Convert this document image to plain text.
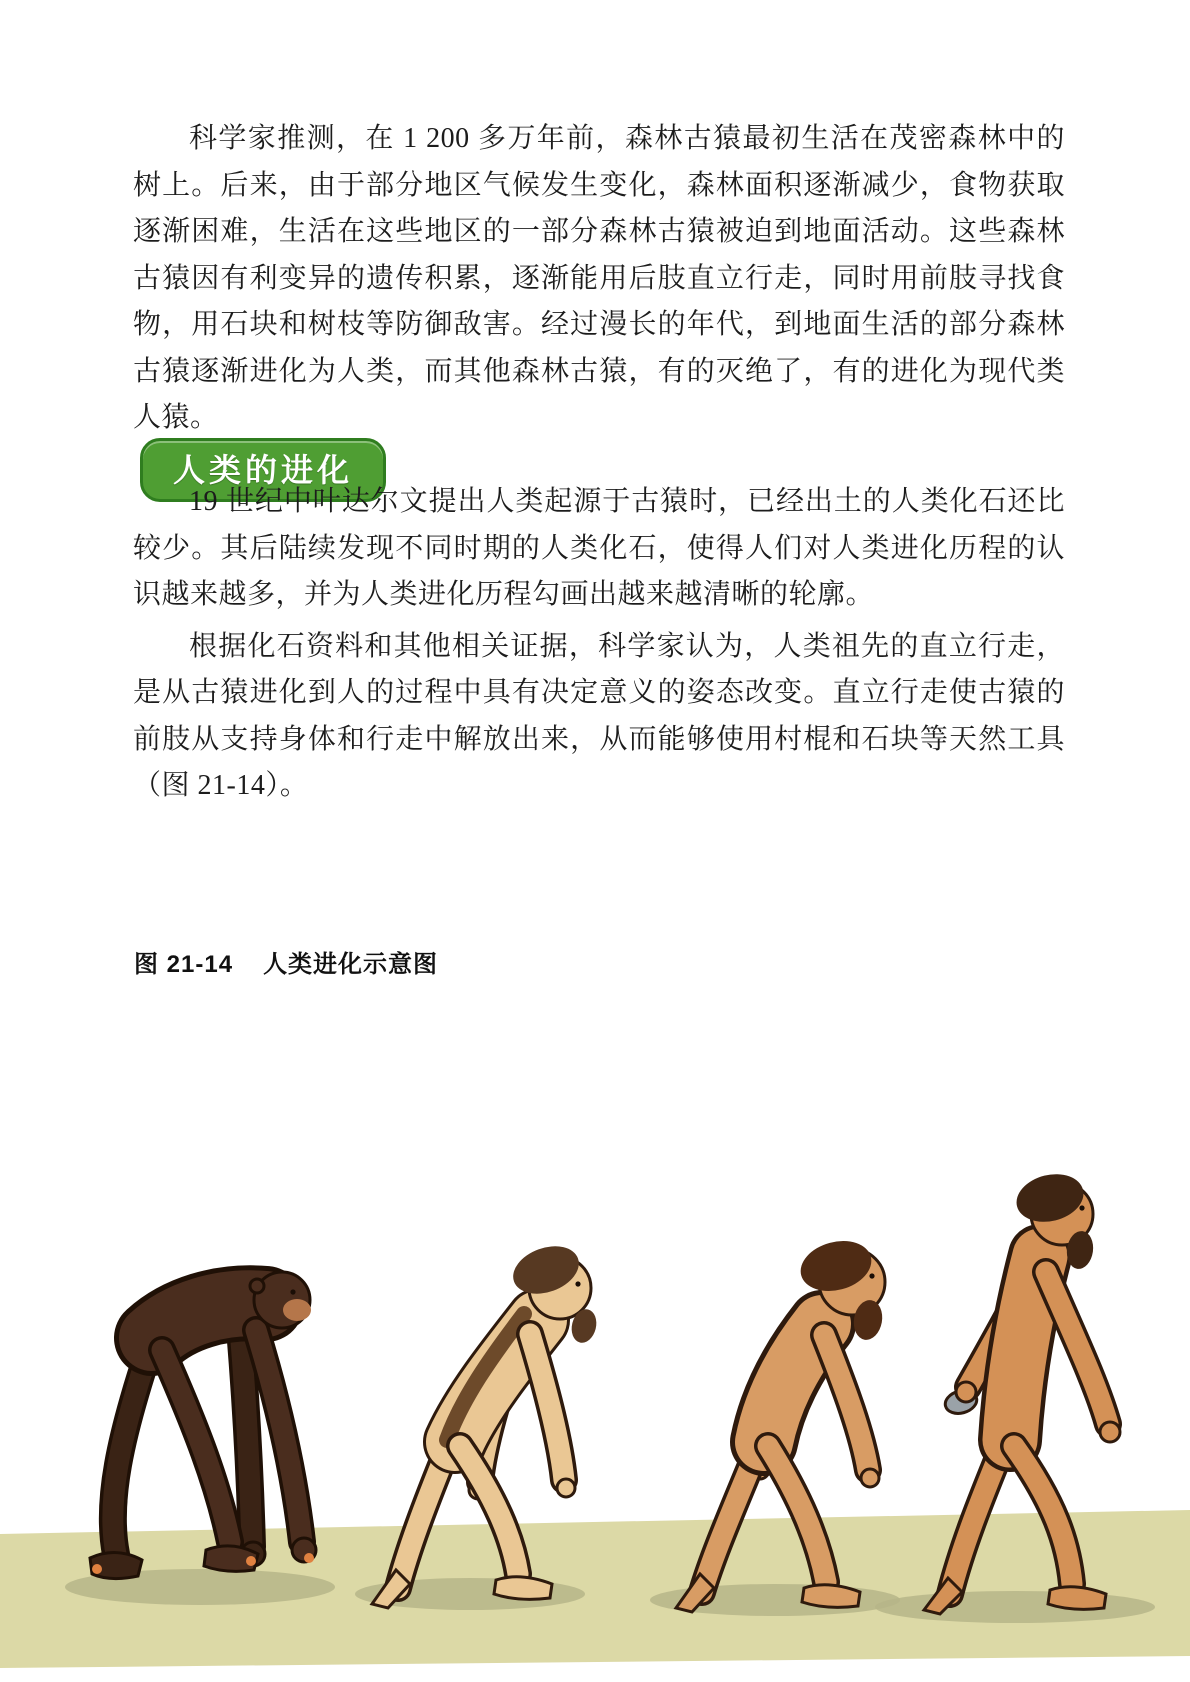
科学家推测，在 1 200 多万年前，森林古猿最初生活在茂密森林中的树上。后来，由于部分地区气候发生变化，森林面积逐渐减少，食物获取逐渐困难，生活在这些地区的一部分森林古猿被迫到地面活动。这些森林古猿因有利变异的遗传积累，逐渐能用后肢直立行走，同时用前肢寻找食物，用石块和树枝等防御敌害。经过漫长的年代，到地面生活的部分森林古猿逐渐进化为人类，而其他森林古猿，有的灭绝了，有的进化为现代类人猿。

人类的进化

19 世纪中叶达尔文提出人类起源于古猿时，已经出土的人类化石还比较少。其后陆续发现不同时期的人类化石，使得人们对人类进化历程的认识越来越多，并为人类进化历程勾画出越来越清晰的轮廓。

根据化石资料和其他相关证据，科学家认为，人类祖先的直立行走，是从古猿进化到人的过程中具有决定意义的姿态改变。直立行走使古猿的前肢从支持身体和行走中解放出来，从而能够使用村棍和石块等天然工具（图 21-14）。

图 21-14 人类进化示意图
